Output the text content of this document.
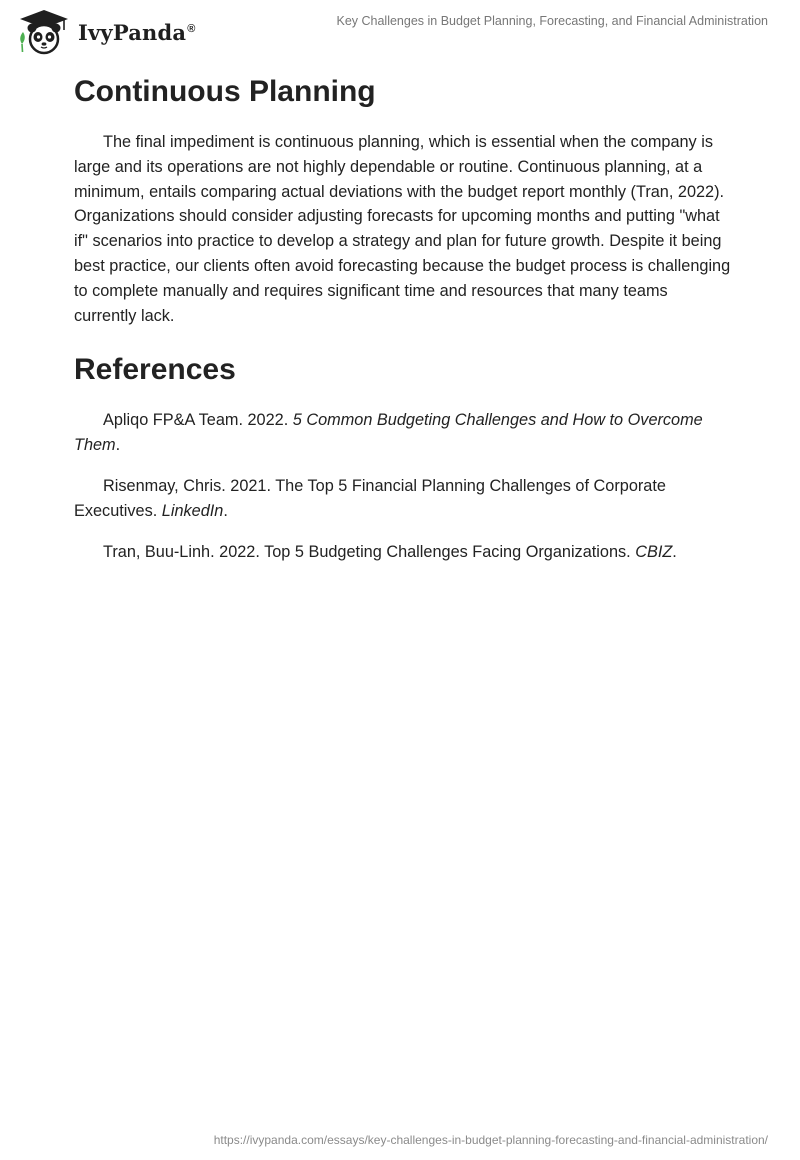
IvyPanda®
Key Challenges in Budget Planning, Forecasting, and Financial Administration
Continuous Planning

The final impediment is continuous planning, which is essential when the company is large and its operations are not highly dependable or routine. Continuous planning, at a minimum, entails comparing actual deviations with the budget report monthly (Tran, 2022). Organizations should consider adjusting forecasts for upcoming months and putting "what if" scenarios into practice to develop a strategy and plan for future growth. Despite it being best practice, our clients often avoid forecasting because the budget process is challenging to complete manually and requires significant time and resources that many teams currently lack.

References

Apliqo FP&A Team. 2022. 5 Common Budgeting Challenges and How to Overcome Them.

Risenmay, Chris. 2021. The Top 5 Financial Planning Challenges of Corporate Executives. LinkedIn.

Tran, Buu-Linh. 2022. Top 5 Budgeting Challenges Facing Organizations. CBIZ.

https://ivypanda.com/essays/key-challenges-in-budget-planning-forecasting-and-financial-administration/
